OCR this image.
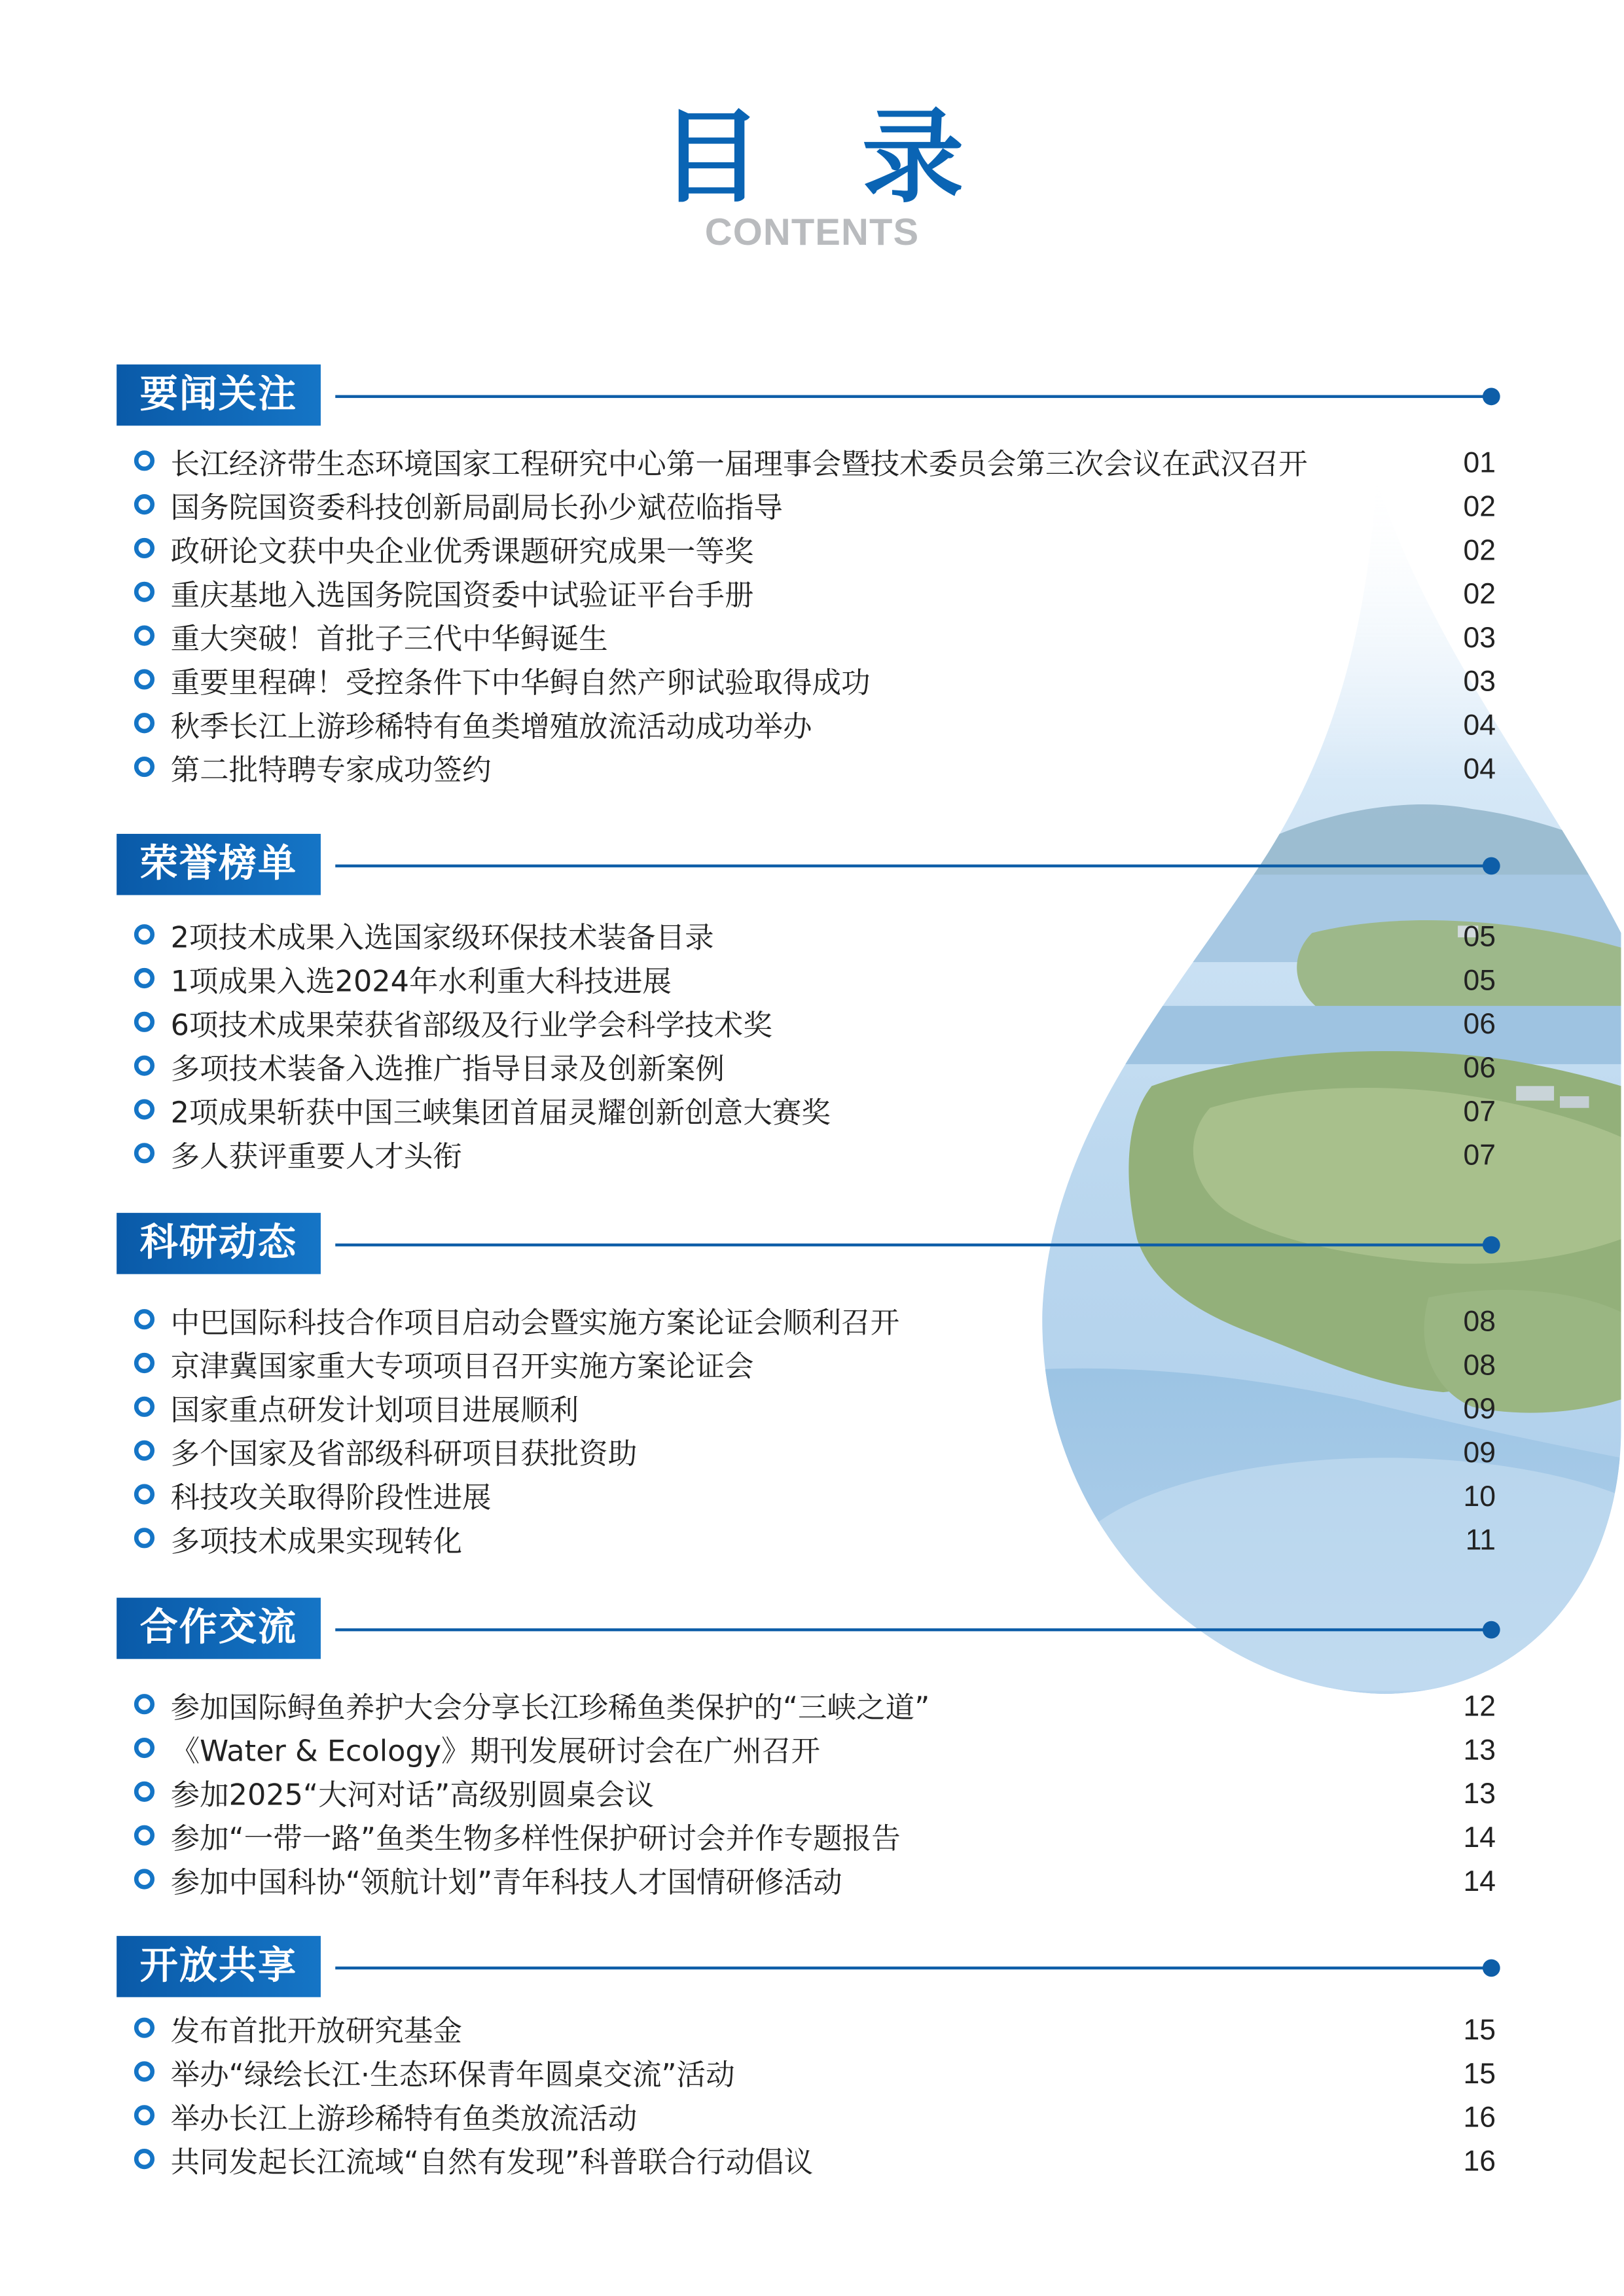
目 录
CONTENTS
要闻关注
长江经济带生态环境国家工程研究中心第一届理事会暨技术委员会第三次会议在武汉召开	01
国务院国资委科技创新局副局长孙少斌莅临指导	02
政研论文获中央企业优秀课题研究成果一等奖	02
重庆基地入选国务院国资委中试验证平台手册	02
重大突破！首批子三代中华鲟诞生	03
重要里程碑！受控条件下中华鲟自然产卵试验取得成功	03
秋季长江上游珍稀特有鱼类增殖放流活动成功举办	04
第二批特聘专家成功签约	04
荣誉榜单
2项技术成果入选国家级环保技术装备目录	05
1项成果入选2024年水利重大科技进展	05
6项技术成果荣获省部级及行业学会科学技术奖	06
多项技术装备入选推广指导目录及创新案例	06
2项成果斩获中国三峡集团首届灵耀创新创意大赛奖	07
多人获评重要人才头衔	07
科研动态
中巴国际科技合作项目启动会暨实施方案论证会顺利召开	08
京津冀国家重大专项项目召开实施方案论证会	08
国家重点研发计划项目进展顺利	09
多个国家及省部级科研项目获批资助	09
科技攻关取得阶段性进展	10
多项技术成果实现转化	11
合作交流
参加国际鲟鱼养护大会分享长江珍稀鱼类保护的“三峡之道”	12
《Water & Ecology》期刊发展研讨会在广州召开	13
参加2025“大河对话”高级别圆桌会议	13
参加“一带一路”鱼类生物多样性保护研讨会并作专题报告	14
参加中国科协“领航计划”青年科技人才国情研修活动	14
开放共享
发布首批开放研究基金	15
举办“绿绘长江·生态环保青年圆桌交流”活动	15
举办长江上游珍稀特有鱼类放流活动	16
共同发起长江流域“自然有发现”科普联合行动倡议	16
